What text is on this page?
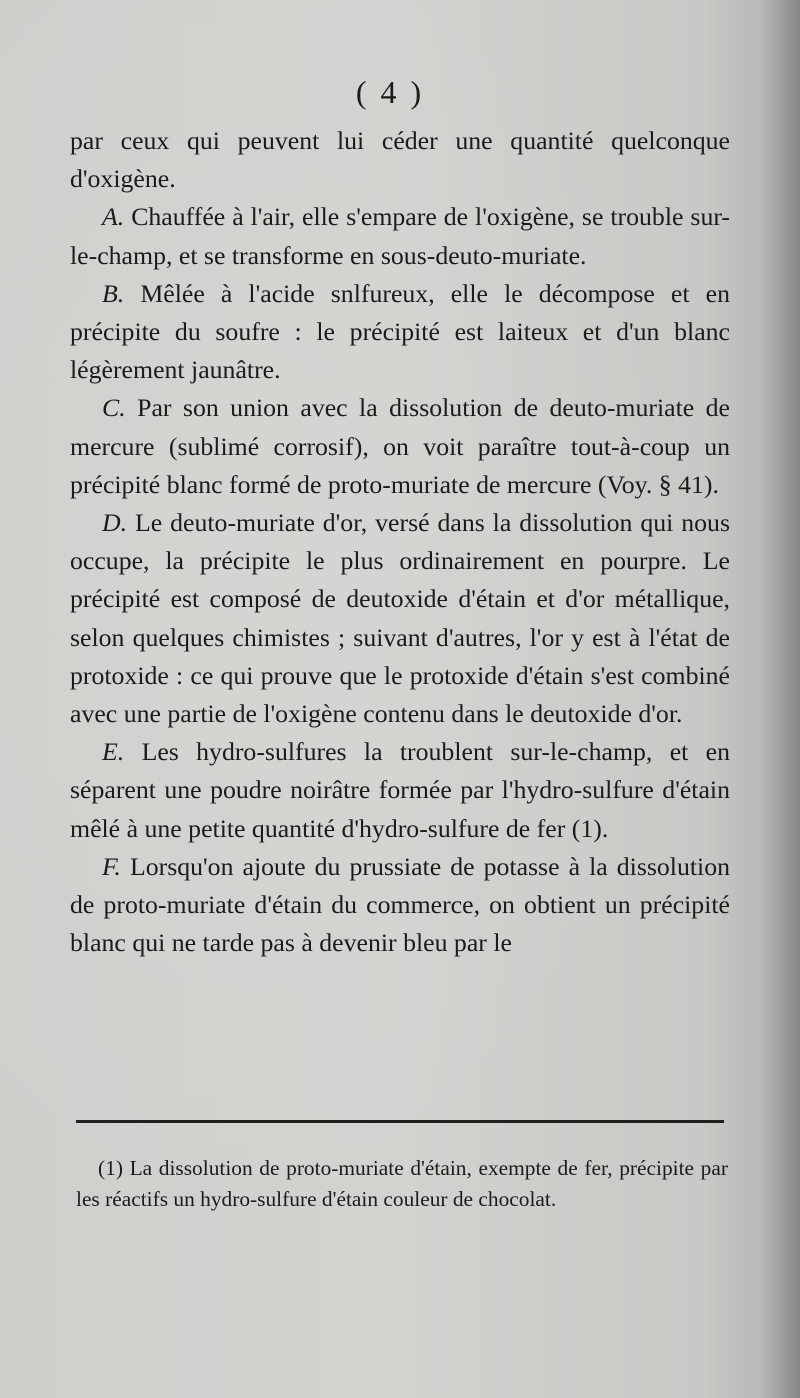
( 4 )

par ceux qui peuvent lui céder une quantité quelconque d'oxigène.

A. Chauffée à l'air, elle s'empare de l'oxigène, se trouble sur-le-champ, et se transforme en sous-deuto-muriate.

B. Mêlée à l'acide snlfureux, elle le décompose et en précipite du soufre : le précipité est laiteux et d'un blanc légèrement jaunâtre.

C. Par son union avec la dissolution de deuto-muriate de mercure (sublimé corrosif), on voit paraître tout-à-coup un précipité blanc formé de proto-muriate de mercure (Voy. § 41).

D. Le deuto-muriate d'or, versé dans la dissolution qui nous occupe, la précipite le plus ordinairement en pourpre. Le précipité est composé de deutoxide d'étain et d'or métallique, selon quelques chimistes ; suivant d'autres, l'or y est à l'état de protoxide : ce qui prouve que le protoxide d'étain s'est combiné avec une partie de l'oxigène contenu dans le deutoxide d'or.

E. Les hydro-sulfures la troublent sur-le-champ, et en séparent une poudre noirâtre formée par l'hydro-sulfure d'étain mêlé à une petite quantité d'hydro-sulfure de fer (1).

F. Lorsqu'on ajoute du prussiate de potasse à la dissolution de proto-muriate d'étain du commerce, on obtient un précipité blanc qui ne tarde pas à devenir bleu par le

(1) La dissolution de proto-muriate d'étain, exempte de fer, précipite par les réactifs un hydro-sulfure d'étain couleur de chocolat.
